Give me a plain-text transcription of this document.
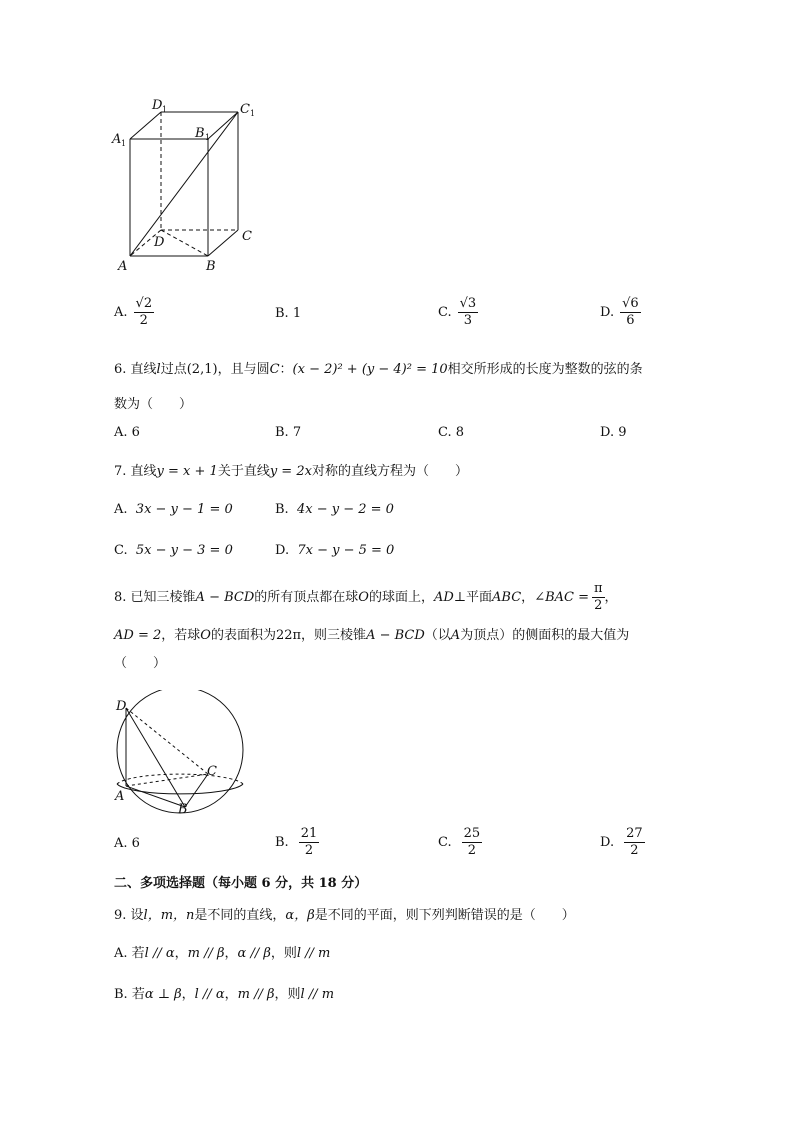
D 1	C 1
A 1
B 1
D	C
A	B
A. $\frac{√2}{2}$	B. 1	C. $\frac{√3}{3}$	D. $\frac{√6}{6}$
6. 直线l过点(2,1)，且与圆C：(x − 2)² + (y − 4)² = 10相交所形成的长度为整数的弦的条
数为（　　）
A. 6	B. 7	C. 8	D. 9
7. 直线y = x + 1关于直线y = 2x对称的直线方程为（　　）
A. 3x − y − 1 = 0	B. 4x − y − 2 = 0
C. 5x − y − 3 = 0	D. 7x − y − 5 = 0
8. 已知三棱锥A − BCD的所有顶点都在球O的球面上，AD⊥平面ABC，∠BAC = $\frac{\pi}{2}$ ，
AD = 2，若球O的表面积为22π，则三棱锥A − BCD（以A为顶点）的侧面积的最大值为
（　　）
D
C
A
B
A. 6	B. $\frac{21}{2}$	C. $\frac{25}{2}$	D. $\frac{27}{2}$
二、多项选择题（每小题 6 分，共 18 分）
9. 设l，m，n是不同的直线，α，β是不同的平面，则下列判断错误的是（　　）
A. 若l // α，m // β，α // β，则l // m
B. 若α ⊥ β，l // α，m // β，则l // m
